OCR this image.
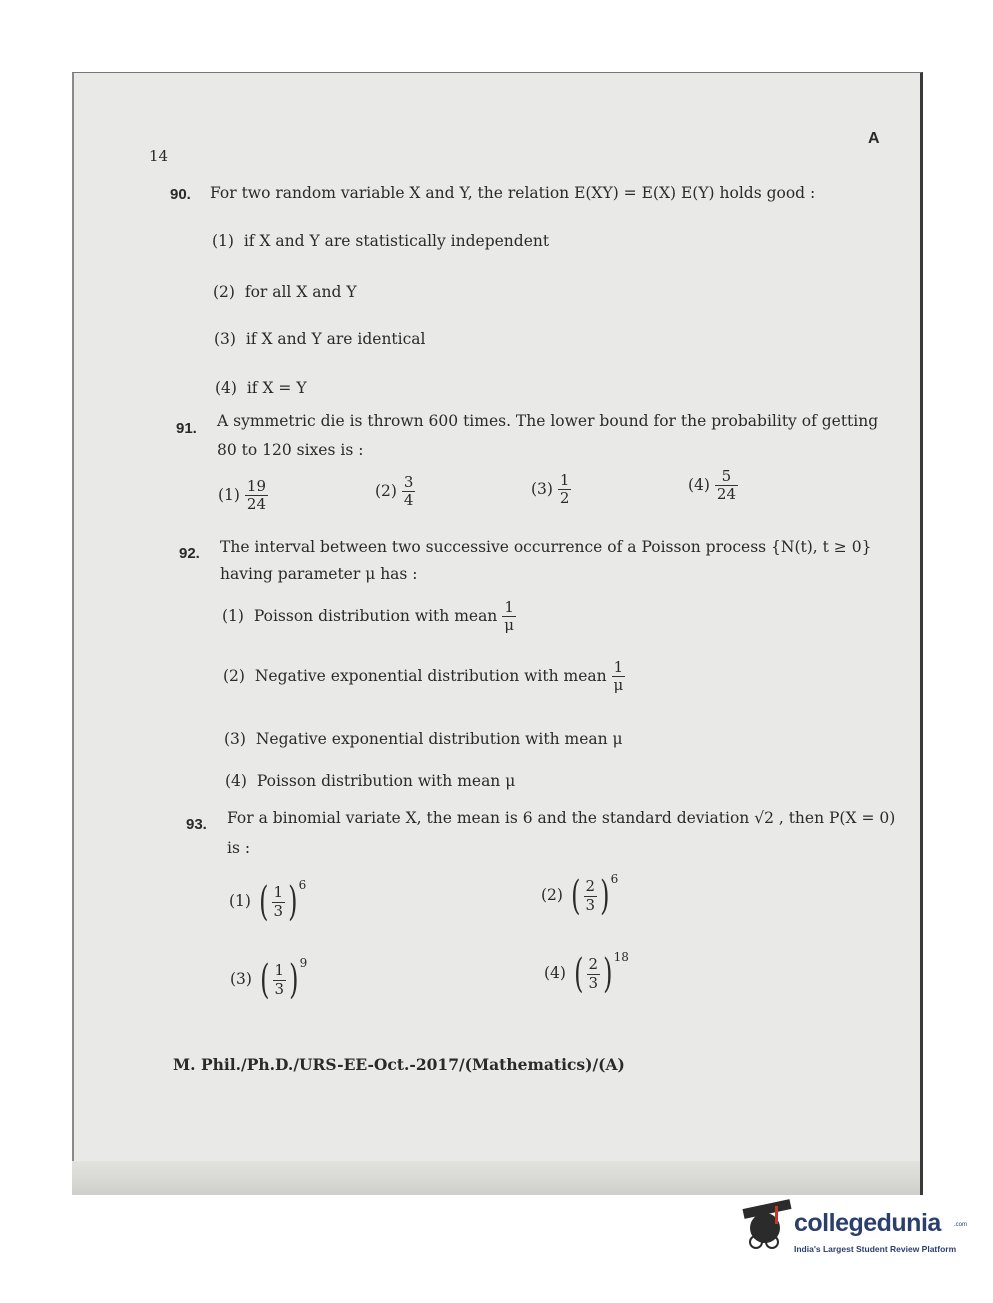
14
A
90. For two random variable X and Y, the relation E(XY) = E(X) E(Y) holds good :
(1) if X and Y are statistically independent
(2) for all X and Y
(3) if X and Y are identical
(4) if X = Y
91. A symmetric die is thrown 600 times. The lower bound for the probability of getting
80 to 120 sixes is :
$(1) \frac{19}{24}$	$(2) \frac{3}{4}$	$(3) \frac{1}{2}$	$(4) \frac{5}{24}$
92. The interval between two successive occurrence of a Poisson process {N(t), t ≥ 0}
having parameter μ has :
(1) Poisson distribution with mean $\frac{1}{\mu}$
(2) Negative exponential distribution with mean $\frac{1}{\mu}$
(3) Negative exponential distribution with mean μ
(4) Poisson distribution with mean μ
93. For a binomial variate X, the mean is 6 and the standard deviation √2 , then P(X = 0)
is :
(1) ( $\frac{1}{3} )^6$
(2) ( $\frac{2}{3} )^6$
(3) ( $\frac{1}{3} )^9$
(4) ( $\frac{2}{3} )^{18}$
M. Phil./Ph.D./URS-EE-Oct.-2017/(Mathematics)/(A)
collegedunia .com
India's Largest Student Review Platform
